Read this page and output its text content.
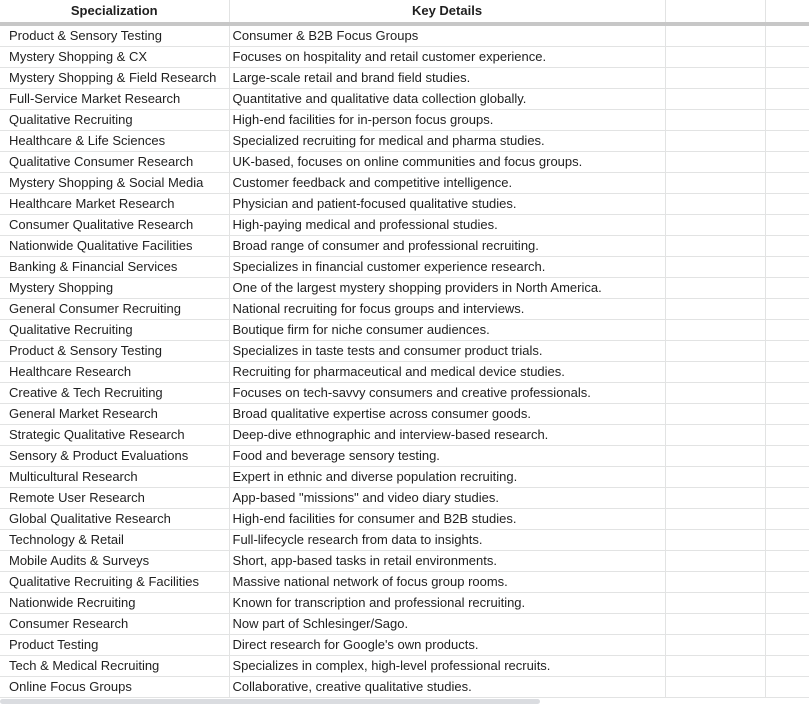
Specialization	Key Details		
Product & Sensory Testing	Consumer & B2B Focus Groups		
Mystery Shopping & CX	Focuses on hospitality and retail customer experience.		
Mystery Shopping & Field Research	Large-scale retail and brand field studies.		
Full-Service Market Research	Quantitative and qualitative data collection globally.		
Qualitative Recruiting	High-end facilities for in-person focus groups.		
Healthcare & Life Sciences	Specialized recruiting for medical and pharma studies.		
Qualitative Consumer Research	UK-based, focuses on online communities and focus groups.		
Mystery Shopping & Social Media	Customer feedback and competitive intelligence.		
Healthcare Market Research	Physician and patient-focused qualitative studies.		
Consumer Qualitative Research	High-paying medical and professional studies.		
Nationwide Qualitative Facilities	Broad range of consumer and professional recruiting.		
Banking & Financial Services	Specializes in financial customer experience research.		
Mystery Shopping	One of the largest mystery shopping providers in North America.		
General Consumer Recruiting	National recruiting for focus groups and interviews.		
Qualitative Recruiting	Boutique firm for niche consumer audiences.		
Product & Sensory Testing	Specializes in taste tests and consumer product trials.		
Healthcare Research	Recruiting for pharmaceutical and medical device studies.		
Creative & Tech Recruiting	Focuses on tech-savvy consumers and creative professionals.		
General Market Research	Broad qualitative expertise across consumer goods.		
Strategic Qualitative Research	Deep-dive ethnographic and interview-based research.		
Sensory & Product Evaluations	Food and beverage sensory testing.		
Multicultural Research	Expert in ethnic and diverse population recruiting.		
Remote User Research	App-based "missions" and video diary studies.		
Global Qualitative Research	High-end facilities for consumer and B2B studies.		
Technology & Retail	Full-lifecycle research from data to insights.		
Mobile Audits & Surveys	Short, app-based tasks in retail environments.		
Qualitative Recruiting & Facilities	Massive national network of focus group rooms.		
Nationwide Recruiting	Known for transcription and professional recruiting.		
Consumer Research	Now part of Schlesinger/Sago.		
Product Testing	Direct research for Google's own products.		
Tech & Medical Recruiting	Specializes in complex, high-level professional recruits.		
Online Focus Groups	Collaborative, creative qualitative studies.		
